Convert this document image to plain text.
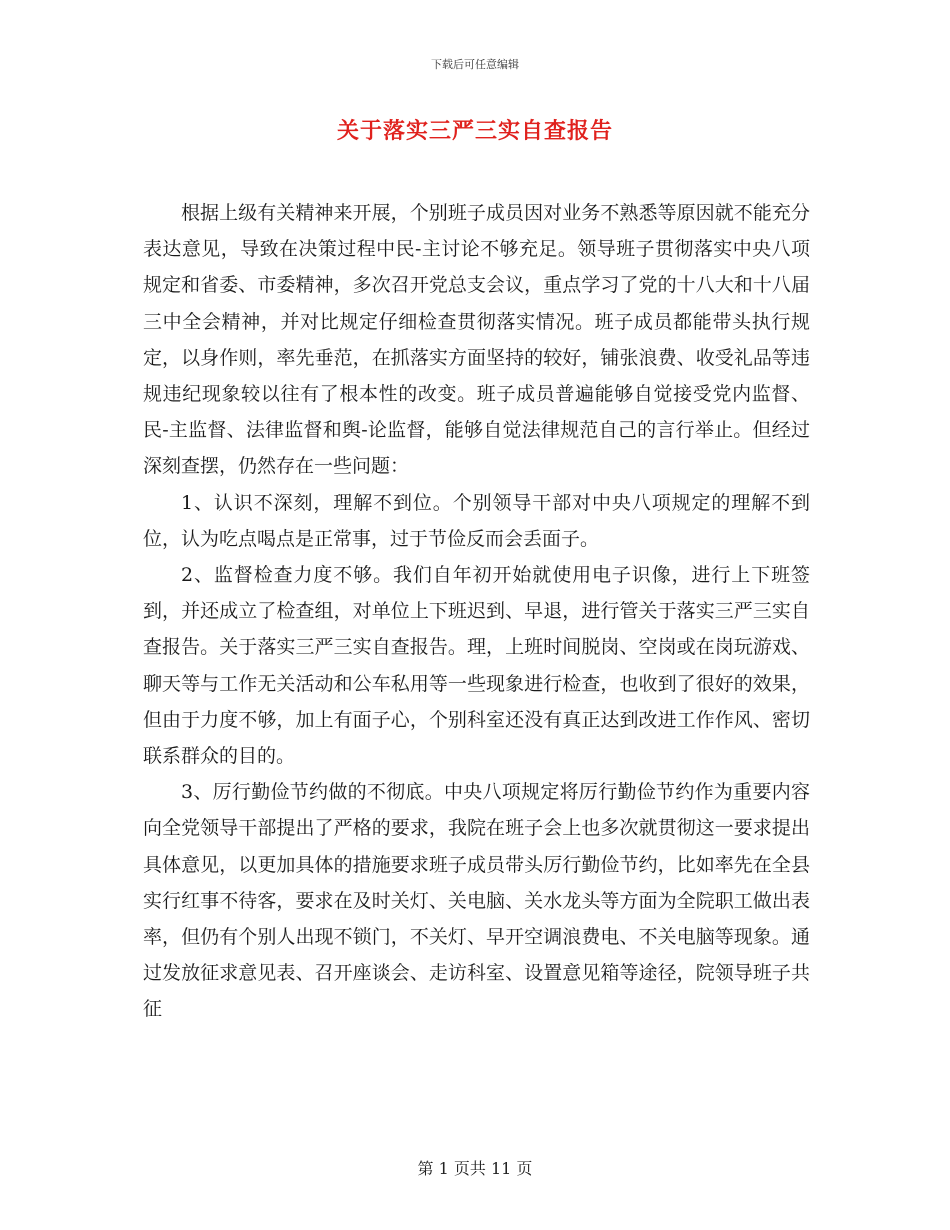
下载后可任意编辑
关于落实三严三实自查报告

根据上级有关精神来开展，个别班子成员因对业务不熟悉等原因就不能充分表达意见，导致在决策过程中民-主讨论不够充足。领导班子贯彻落实中央八项规定和省委、市委精神，多次召开党总支会议，重点学习了党的十八大和十八届三中全会精神，并对比规定仔细检查贯彻落实情况。班子成员都能带头执行规定，以身作则，率先垂范，在抓落实方面坚持的较好，铺张浪费、收受礼品等违规违纪现象较以往有了根本性的改变。班子成员普遍能够自觉接受党内监督、民-主监督、法律监督和舆-论监督，能够自觉法律规范自己的言行举止。但经过深刻查摆，仍然存在一些问题：

1、认识不深刻，理解不到位。个别领导干部对中央八项规定的理解不到位，认为吃点喝点是正常事，过于节俭反而会丢面子。

2、监督检查力度不够。我们自年初开始就使用电子识像，进行上下班签到，并还成立了检查组，对单位上下班迟到、早退，进行管关于落实三严三实自查报告。关于落实三严三实自查报告。理，上班时间脱岗、空岗或在岗玩游戏、聊天等与工作无关活动和公车私用等一些现象进行检查，也收到了很好的效果，但由于力度不够，加上有面子心，个别科室还没有真正达到改进工作作风、密切联系群众的目的。

3、厉行勤俭节约做的不彻底。中央八项规定将厉行勤俭节约作为重要内容向全党领导干部提出了严格的要求，我院在班子会上也多次就贯彻这一要求提出具体意见，以更加具体的措施要求班子成员带头厉行勤俭节约，比如率先在全县实行红事不待客，要求在及时关灯、关电脑、关水龙头等方面为全院职工做出表率，但仍有个别人出现不锁门，不关灯、早开空调浪费电、不关电脑等现象。通过发放征求意见表、召开座谈会、走访科室、设置意见箱等途径，院领导班子共征

第 1 页共 11 页
